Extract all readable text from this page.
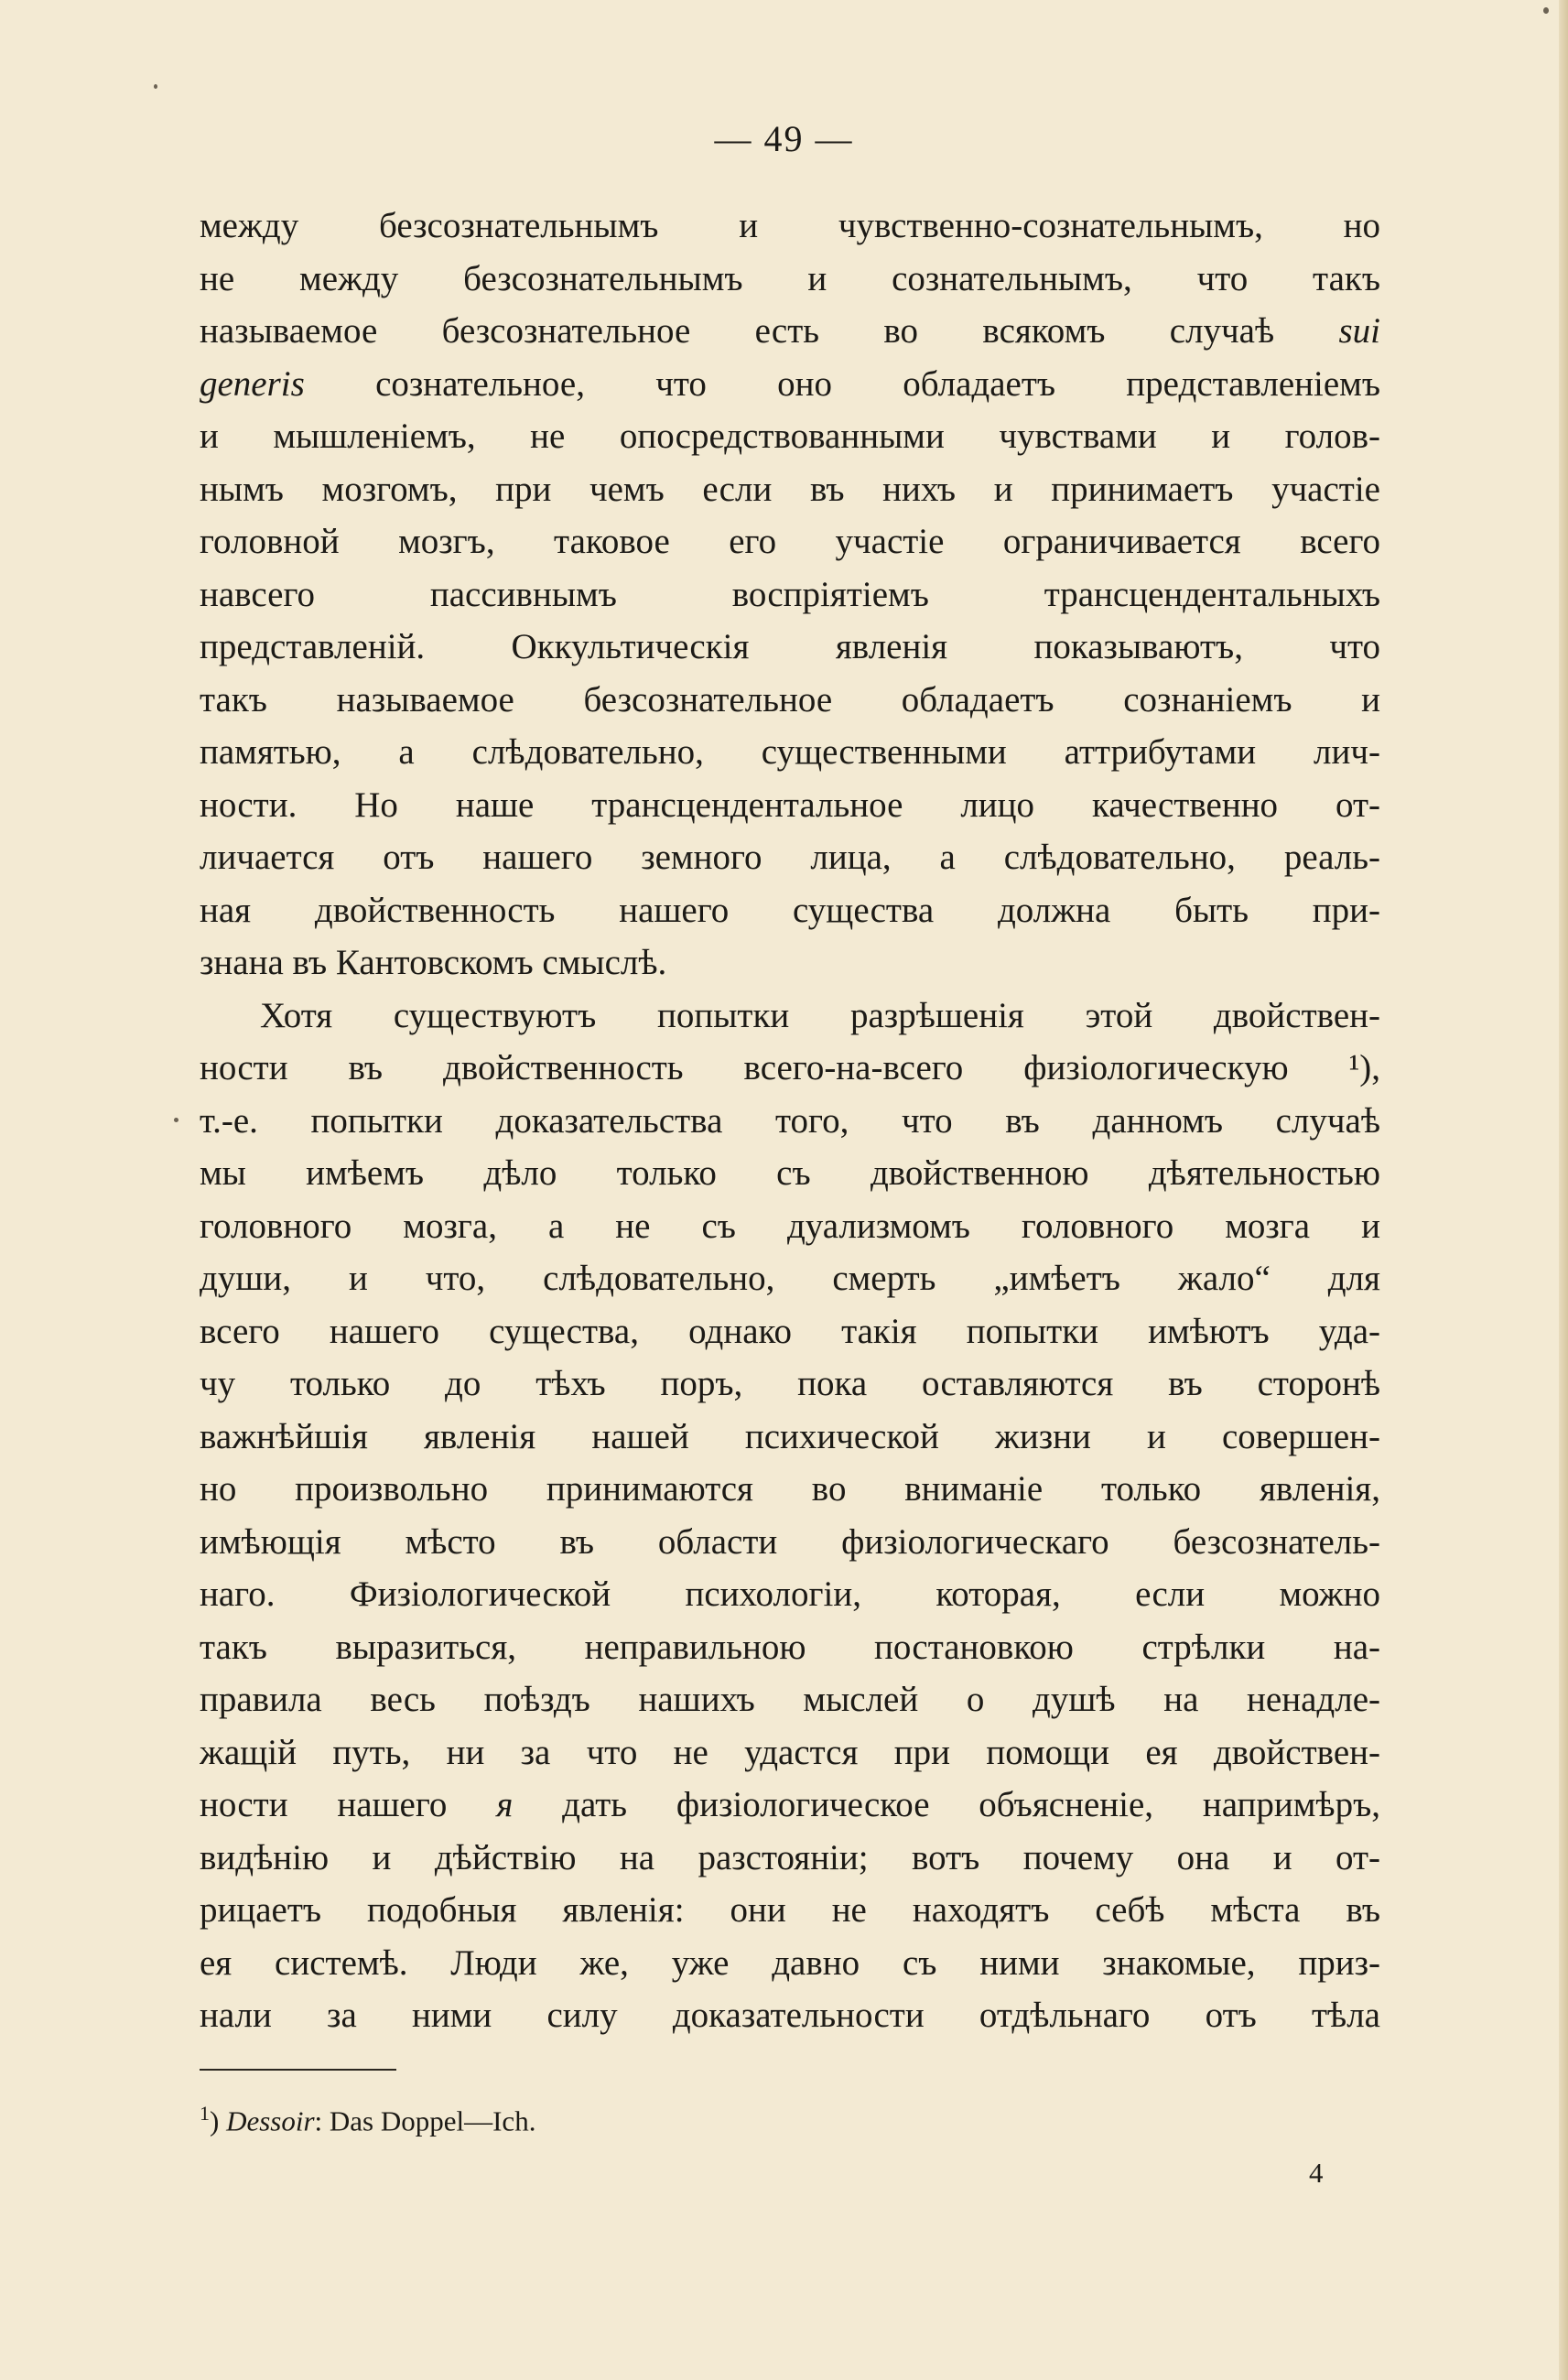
— 49 —
между безсознательнымъ и чувственно-сознательнымъ, но
не между безсознательнымъ и сознательнымъ, что такъ
называемое безсознательное есть во всякомъ случаѣ sui
generis сознательное, что оно обладаетъ представленіемъ
и мышленіемъ, не опосредствованными чувствами и голов-
нымъ мозгомъ, при чемъ если въ нихъ и принимаетъ участіе
головной мозгъ, таковое его участіе ограничивается всего
навсего пассивнымъ воспріятіемъ трансцендентальныхъ
представленій. Оккультическія явленія показываютъ, что
такъ называемое безсознательное обладаетъ сознаніемъ и
памятью, а слѣдовательно, существенными аттрибутами лич-
ности. Но наше трансцендентальное лицо качественно от-
личается отъ нашего земного лица, а слѣдовательно, реаль-
ная двойственность нашего существа должна быть при-
знана въ Кантовскомъ смыслѣ.
Хотя существуютъ попытки разрѣшенія этой двойствен-
ности въ двойственность всего-на-всего физіологическую ¹),
т.-е. попытки доказательства того, что въ данномъ случаѣ
мы имѣемъ дѣло только съ двойственною дѣятельностью
головного мозга, а не съ дуализмомъ головного мозга и
души, и что, слѣдовательно, смерть „имѣетъ жало“ для
всего нашего существа, однако такія попытки имѣютъ уда-
чу только до тѣхъ поръ, пока оставляются въ сторонѣ
важнѣйшія явленія нашей психической жизни и совершен-
но произвольно принимаются во вниманіе только явленія,
имѣющія мѣсто въ области физіологическаго безсознатель-
наго. Физіологической психологіи, которая, если можно
такъ выразиться, неправильною постановкою стрѣлки на-
правила весь поѣздъ нашихъ мыслей о душѣ на ненадле-
жащій путь, ни за что не удастся при помощи ея двойствен-
ности нашего я дать физіологическое объясненіе, напримѣръ,
видѣнію и дѣйствію на разстояніи; вотъ почему она и от-
рицаетъ подобныя явленія: они не находятъ себѣ мѣста въ
ея системѣ. Люди же, уже давно съ ними знакомые, приз-
нали за ними силу доказательности отдѣльнаго отъ тѣла
$^1$) Dessoir: Das Doppel—Ich.
4
